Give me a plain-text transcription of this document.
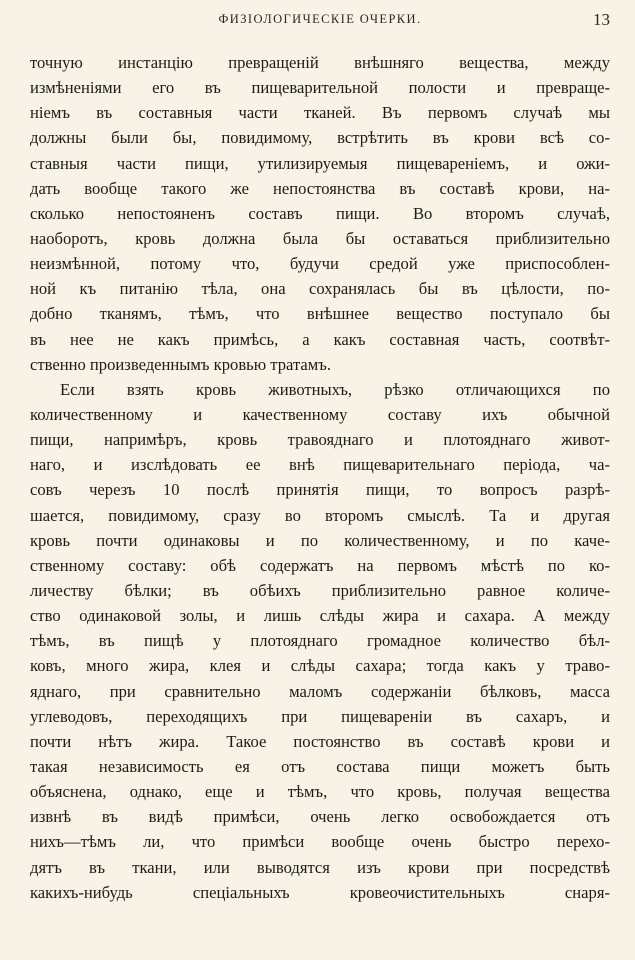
ФИЗІОЛОГИЧЕСКІЕ ОЧЕРКИ.	13
точную инстанцію превращеній внѣшняго вещества, между
измѣненіями его въ пищеварительной полости и превраще-
ніемъ въ составныя части тканей. Въ первомъ случаѣ мы
должны были бы, повидимому, встрѣтить въ крови всѣ со-
ставныя части пищи, утилизируемыя пищевареніемъ, и ожи-
дать вообще такого же непостоянства въ составѣ крови, на-
сколько непостояненъ составъ пищи. Во второмъ случаѣ,
наоборотъ, кровь должна была бы оставаться приблизительно
неизмѣнной, потому что, будучи средой уже приспособлен-
ной къ питанію тѣла, она сохранялась бы въ цѣлости, по-
добно тканямъ, тѣмъ, что внѣшнее вещество поступало бы
въ нее не какъ примѣсь, а какъ составная часть, соотвѣт-
ственно произведеннымъ кровью тратамъ.
Если взять кровь животныхъ, рѣзко отличающихся по
количественному и качественному составу ихъ обычной
пищи, напримѣръ, кровь травояднаго и плотояднаго живот-
наго, и изслѣдовать ее внѣ пищеварительнаго періода, ча-
совъ черезъ 10 послѣ принятія пищи, то вопросъ разрѣ-
шается, повидимому, сразу во второмъ смыслѣ. Та и другая
кровь почти одинаковы и по количественному, и по каче-
ственному составу: обѣ содержатъ на первомъ мѣстѣ по ко-
личеству бѣлки; въ обѣихъ приблизительно равное количе-
ство одинаковой золы, и лишь слѣды жира и сахара. А между
тѣмъ, въ пищѣ у плотояднаго громадное количество бѣл-
ковъ, много жира, клея и слѣды сахара; тогда какъ у траво-
яднаго, при сравнительно маломъ содержаніи бѣлковъ, масса
углеводовъ, переходящихъ при пищевареніи въ сахаръ, и
почти нѣтъ жира. Такое постоянство въ составѣ крови и
такая независимость ея отъ состава пищи можетъ быть
объяснена, однако, еще и тѣмъ, что кровь, получая вещества
извнѣ въ видѣ примѣси, очень легко освобождается отъ
нихъ—тѣмъ ли, что примѣси вообще очень быстро перехо-
дятъ въ ткани, или выводятся изъ крови при посредствѣ
какихъ-нибудь спеціальныхъ кровеочистительныхъ снаря-
